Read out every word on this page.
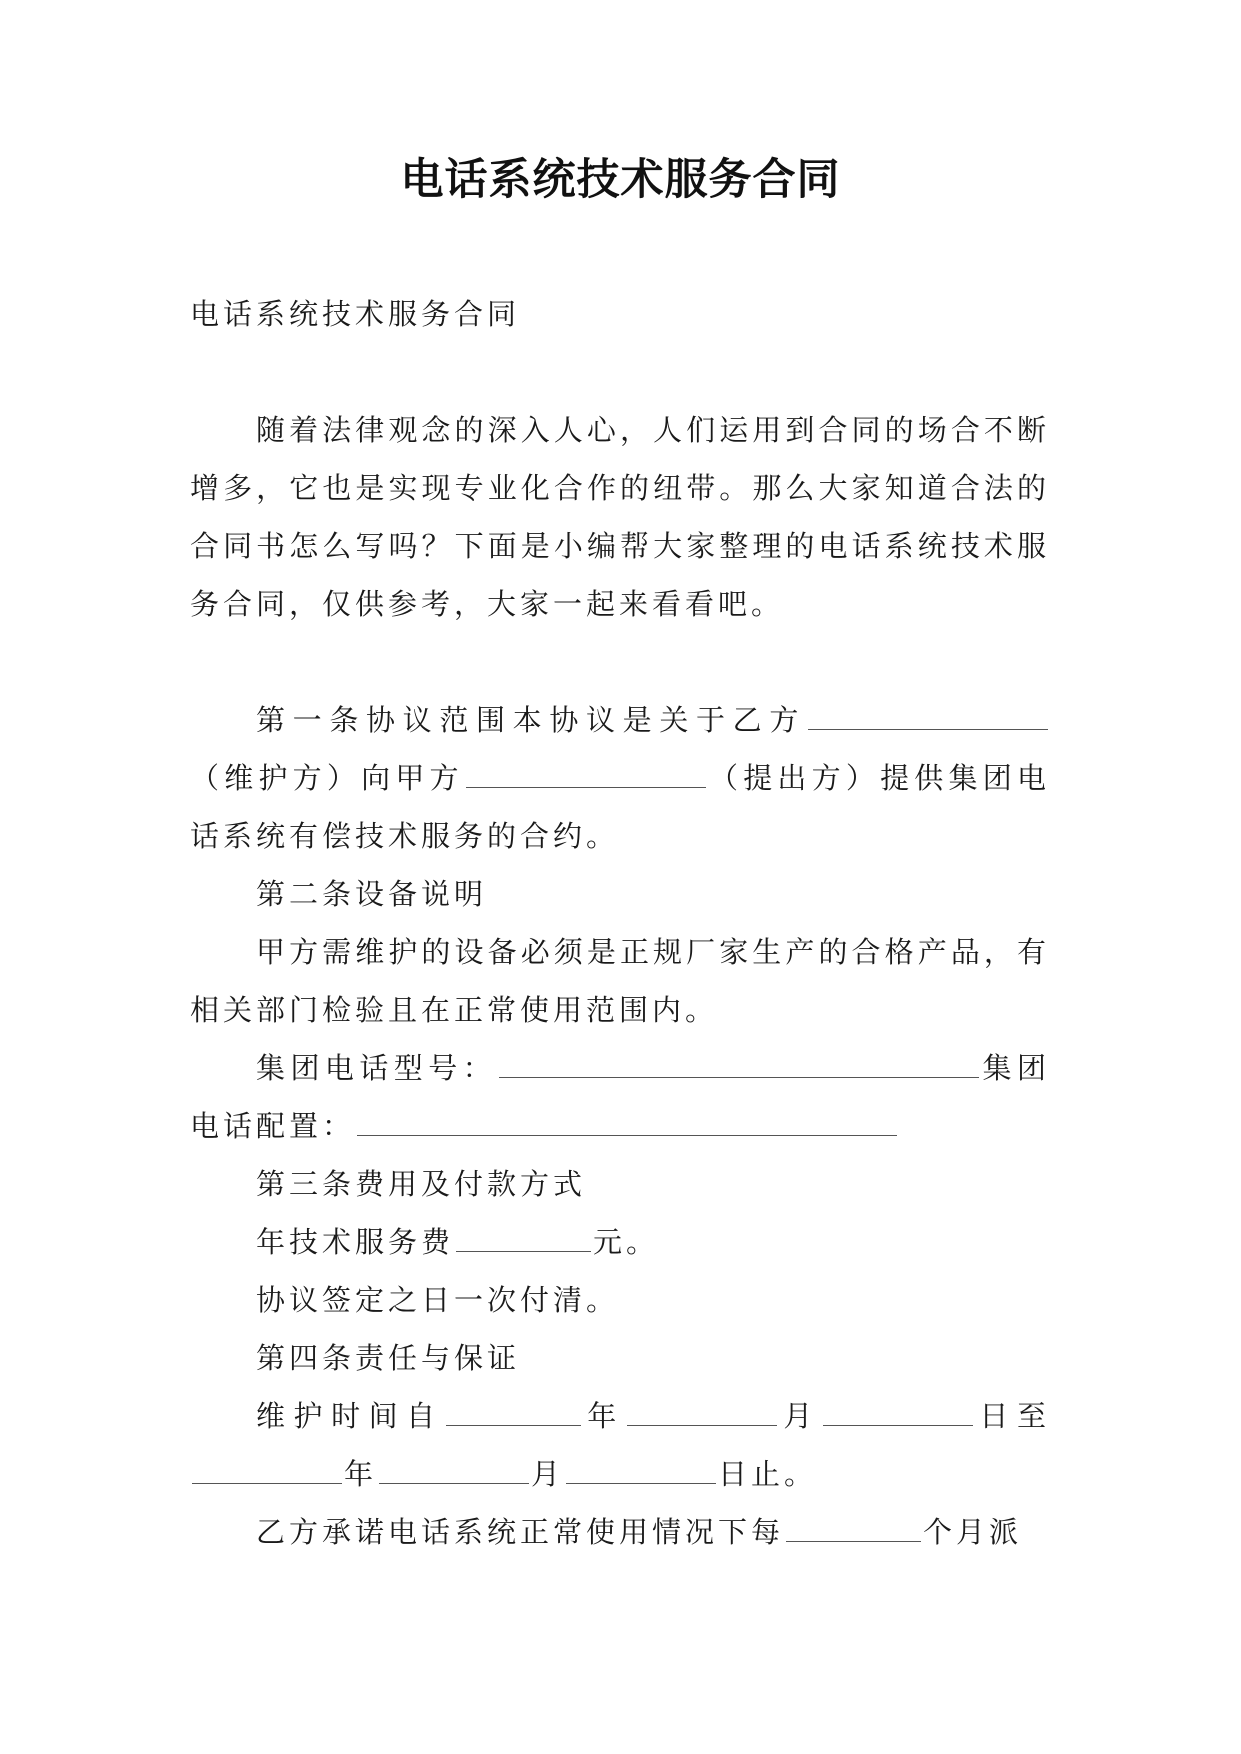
电话系统技术服务合同

电话系统技术服务合同

随着法律观念的深入人心，人们运用到合同的场合不断增多，它也是实现专业化合作的纽带。那么大家知道合法的合同书怎么写吗？下面是小编帮大家整理的电话系统技术服务合同，仅供参考，大家一起来看看吧。

第一条协议范围本协议是关于乙方（维护方）向甲方	（提出方）提供集团电话系统有偿技术服务的合约。

第二条设备说明

甲方需维护的设备必须是正规厂家生产的合格产品，有相关部门检验且在正常使用范围内。

集团电话型号：	集团电话配置：

第三条费用及付款方式

年技术服务费	元。

协议签定之日一次付清。

第四条责任与保证

维护时间自	年	月	日至年	月	日止。

乙方承诺电话系统正常使用情况下每	个月派
